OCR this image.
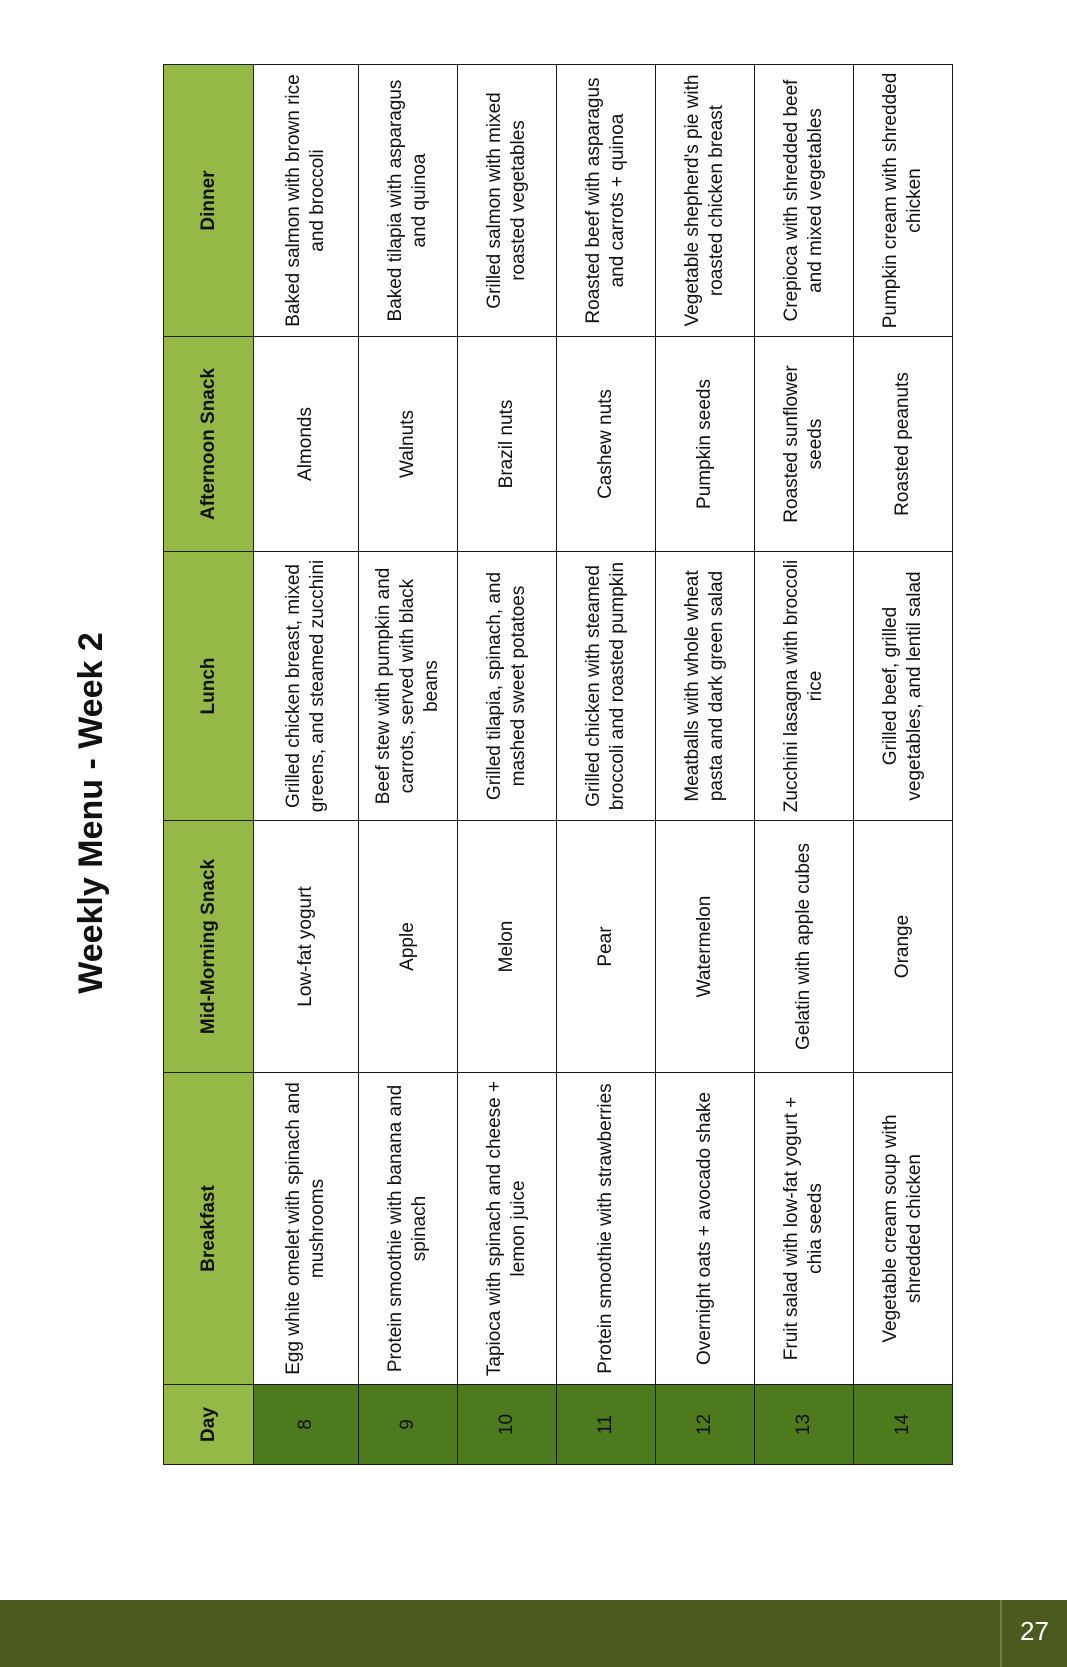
Weekly Menu - Week 2
Day	Breakfast	Mid-Morning Snack	Lunch	Afternoon Snack	Dinner
8	Egg white omelet with spinach and mushrooms	Low-fat yogurt	Grilled chicken breast, mixed greens, and steamed zucchini	Almonds	Baked salmon with brown rice and broccoli
9	Protein smoothie with banana and spinach	Apple	Beef stew with pumpkin and carrots, served with black beans	Walnuts	Baked tilapia with asparagus and quinoa
10	Tapioca with spinach and cheese + lemon juice	Melon	Grilled tilapia, spinach, and mashed sweet potatoes	Brazil nuts	Grilled salmon with mixed roasted vegetables
11	Protein smoothie with strawberries	Pear	Grilled chicken with steamed broccoli and roasted pumpkin	Cashew nuts	Roasted beef with asparagus and carrots + quinoa
12	Overnight oats + avocado shake	Watermelon	Meatballs with whole wheat pasta and dark green salad	Pumpkin seeds	Vegetable shepherd's pie with roasted chicken breast
13	Fruit salad with low-fat yogurt + chia seeds	Gelatin with apple cubes	Zucchini lasagna with broccoli rice	Roasted sunflower seeds	Crepioca with shredded beef and mixed vegetables
14	Vegetable cream soup with shredded chicken	Orange	Grilled beef, grilled vegetables, and lentil salad	Roasted peanuts	Pumpkin cream with shredded chicken
27
